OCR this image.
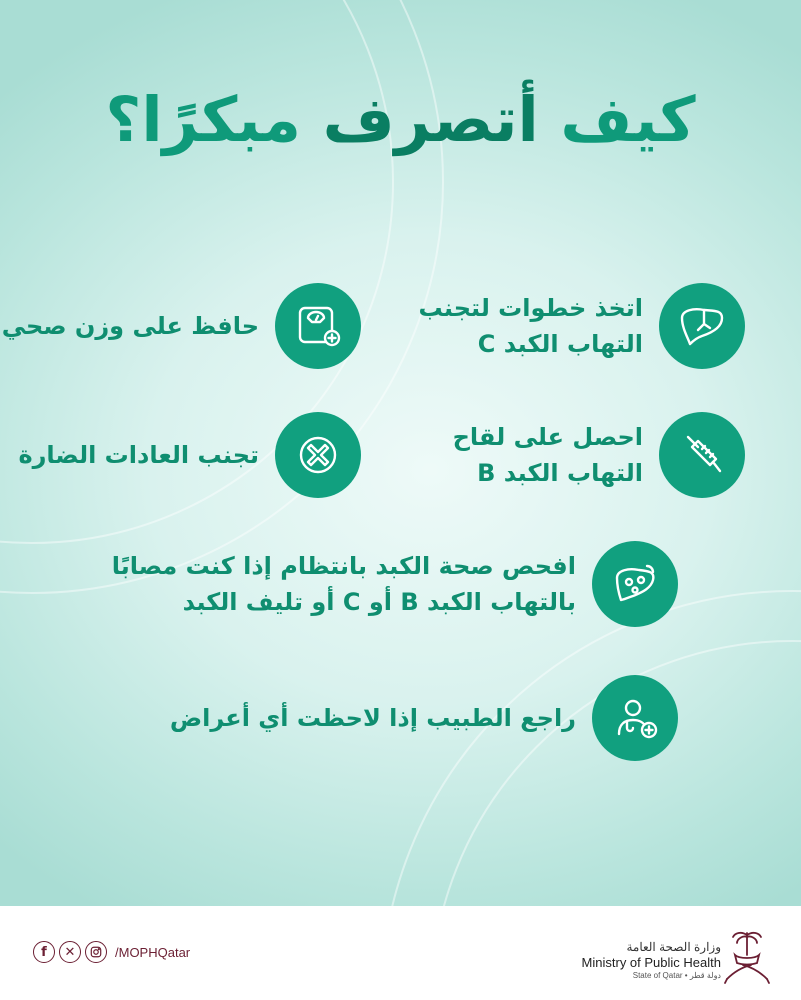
كيف أتصرف مبكرًا؟
اتخذ خطوات لتجنب
التهاب الكبد C
حافظ على وزن صحي
احصل على لقاح
التهاب الكبد B
تجنب العادات الضارة
افحص صحة الكبد بانتظام إذا كنت مصابًا
بالتهاب الكبد B أو C أو تليف الكبد
راجع الطبيب إذا لاحظت أي أعراض
f	✕	/MOPHQatar	وزارة الصحة العامة
Ministry of Public Health
State of Qatar • دولة قطر
